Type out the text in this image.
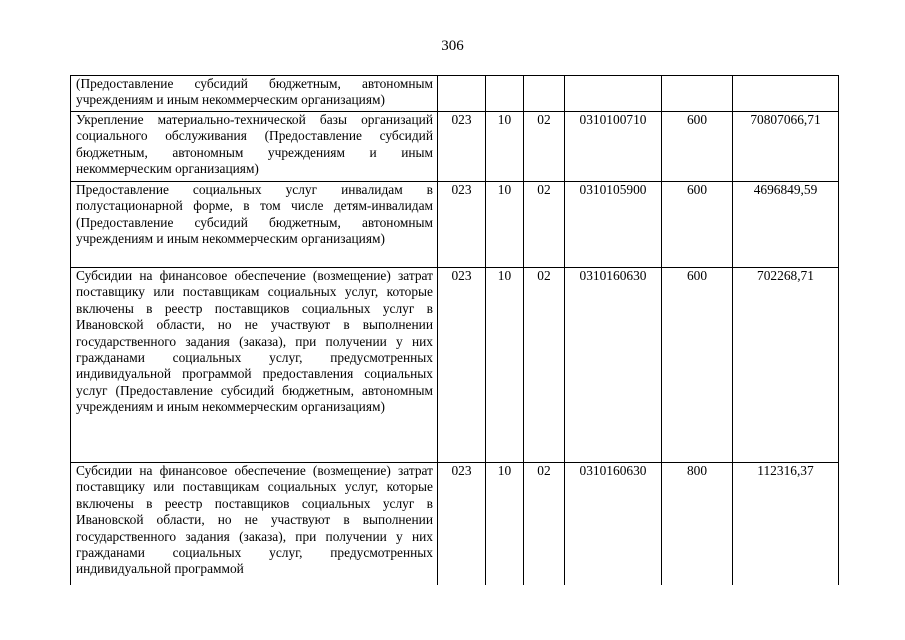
306
(Предоставление субсидий бюджетным, автономным учреждениям и иным некоммерческим организациям)						
Укрепление материально-технической базы организаций социального обслуживания (Предоставление субсидий бюджетным, автономным учреждениям и иным некоммерческим организациям)	023	10	02	0310100710	600	70807066,71
Предоставление социальных услуг инвалидам в полустационарной форме, в том числе детям-инвалидам (Предоставление субсидий бюджетным, автономным учреждениям и иным некоммерческим организациям)	023	10	02	0310105900	600	4696849,59
Субсидии на финансовое обеспечение (возмещение) затрат поставщику или поставщикам социальных услуг, которые включены в реестр поставщиков социальных услуг в Ивановской области, но не участвуют в выполнении государственного задания (заказа), при получении у них гражданами социальных услуг, предусмотренных индивидуальной программой предоставления социальных услуг (Предоставление субсидий бюджетным, автономным учреждениям и иным некоммерческим организациям)	023	10	02	0310160630	600	702268,71
Субсидии на финансовое обеспечение (возмещение) затрат поставщику или поставщикам социальных услуг, которые включены в реестр поставщиков социальных услуг в Ивановской области, но не участвуют в выполнении государственного задания (заказа), при получении у них гражданами социальных услуг, предусмотренных индивидуальной программой	023	10	02	0310160630	800	112316,37
